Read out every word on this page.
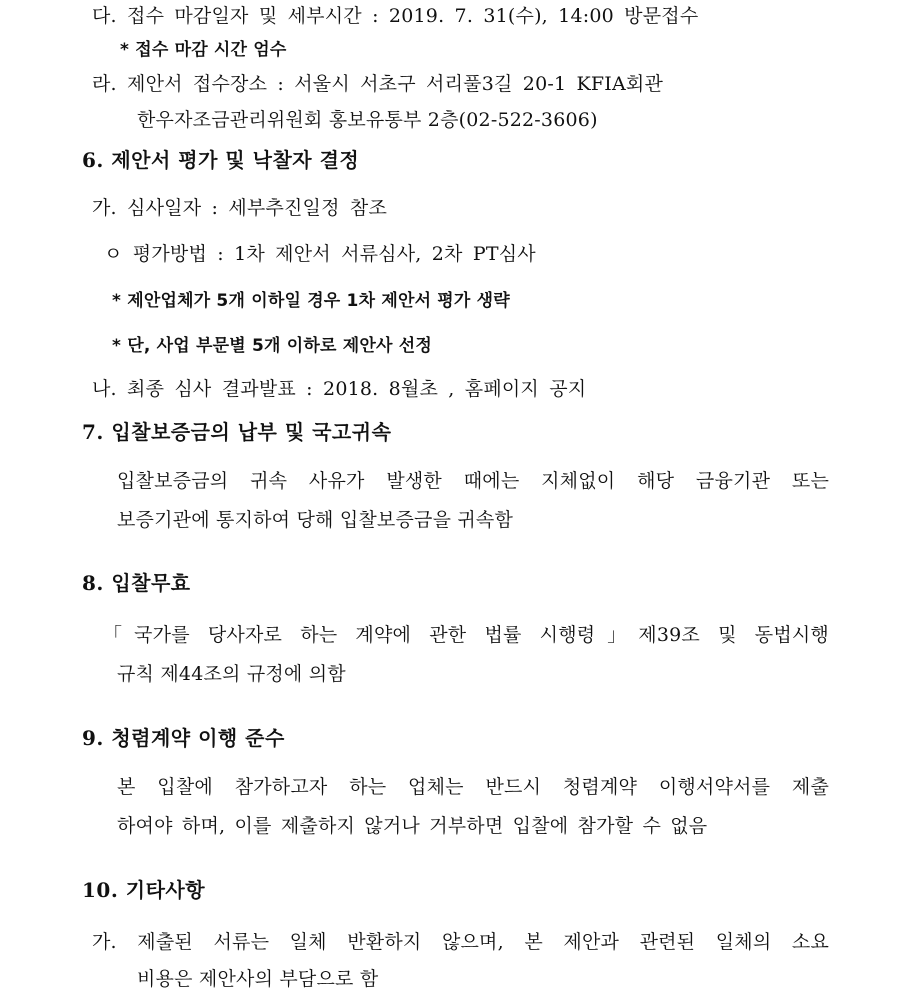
다. 접수 마감일자 및 세부시간 : 2019. 7. 31(수), 14:00 방문접수
* 접수 마감 시간 엄수
라. 제안서 접수장소 : 서울시 서초구 서리풀3길 20-1 KFIA회관
한우자조금관리위원회 홍보유통부 2층(02-522-3606)
6. 제안서 평가 및 낙찰자 결정
가. 심사일자 : 세부추진일정 참조
ㅇ 평가방법 : 1차 제안서 서류심사, 2차 PT심사
* 제안업체가 5개 이하일 경우 1차 제안서 평가 생략
* 단, 사업 부문별 5개 이하로 제안사 선정
나. 최종 심사 결과발표 : 2018. 8월초 , 홈페이지 공지
7. 입찰보증금의 납부 및 국고귀속
입찰보증금의 귀속 사유가 발생한 때에는 지체없이 해당 금융기관 또는
보증기관에 통지하여 당해 입찰보증금을 귀속함
8. 입찰무효
「국가를 당사자로 하는 계약에 관한 법률 시행령」제39조 및 동법시행
규칙 제44조의 규정에 의함
9. 청렴계약 이행 준수
본 입찰에 참가하고자 하는 업체는 반드시 청렴계약 이행서약서를 제출
하여야 하며, 이를 제출하지 않거나 거부하면 입찰에 참가할 수 없음
10. 기타사항
가. 제출된 서류는 일체 반환하지 않으며, 본 제안과 관련된 일체의 소요
비용은 제안사의 부담으로 함
